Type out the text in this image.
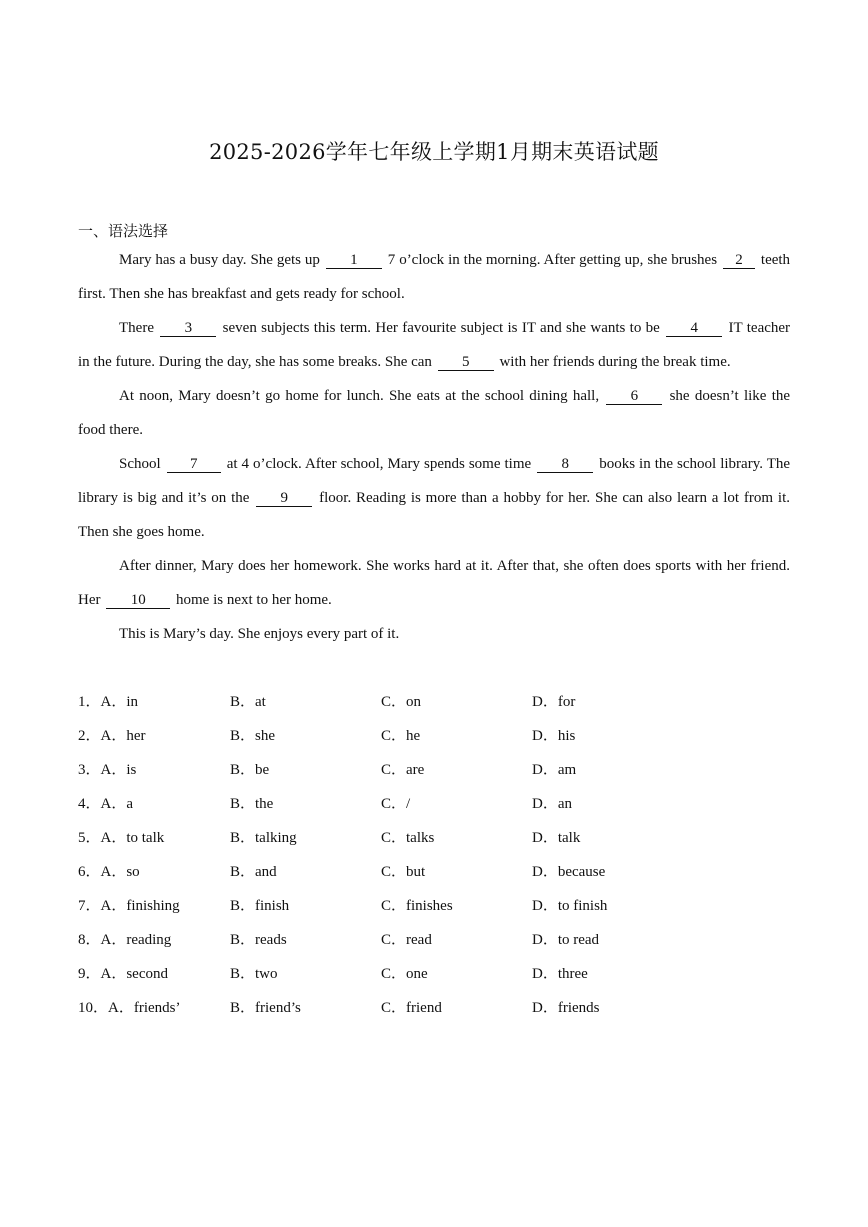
2025-2026学年七年级上学期1月期末英语试题
一、语法选择

Mary has a busy day. She gets up 1 7 o’clock in the morning. After getting up, she brushes 2 teeth first. Then she has breakfast and gets ready for school.

There 3 seven subjects this term. Her favourite subject is IT and she wants to be 4 IT teacher in the future. During the day, she has some breaks. She can 5 with her friends during the break time.

At noon, Mary doesn’t go home for lunch. She eats at the school dining hall, 6 she doesn’t like the food there.

School 7 at 4 o’clock. After school, Mary spends some time 8 books in the school library. The library is big and it’s on the 9 floor. Reading is more than a hobby for her. She can also learn a lot from it. Then she goes home.

After dinner, Mary does her homework. She works hard at it. After that, she often does sports with her friend. Her 10 home is next to her home.

This is Mary’s day. She enjoys every part of it.

1．A．in	B．at	C．on	D．for
2．A．her	B．she	C．he	D．his
3．A．is	B．be	C．are	D．am
4．A．a	B．the	C．/	D．an
5．A．to talk	B．talking	C．talks	D．talk
6．A．so	B．and	C．but	D．because
7．A．finishing	B．finish	C．finishes	D．to finish
8．A．reading	B．reads	C．read	D．to read
9．A．second	B．two	C．one	D．three
10．A．friends’	B．friend’s	C．friend	D．friends
